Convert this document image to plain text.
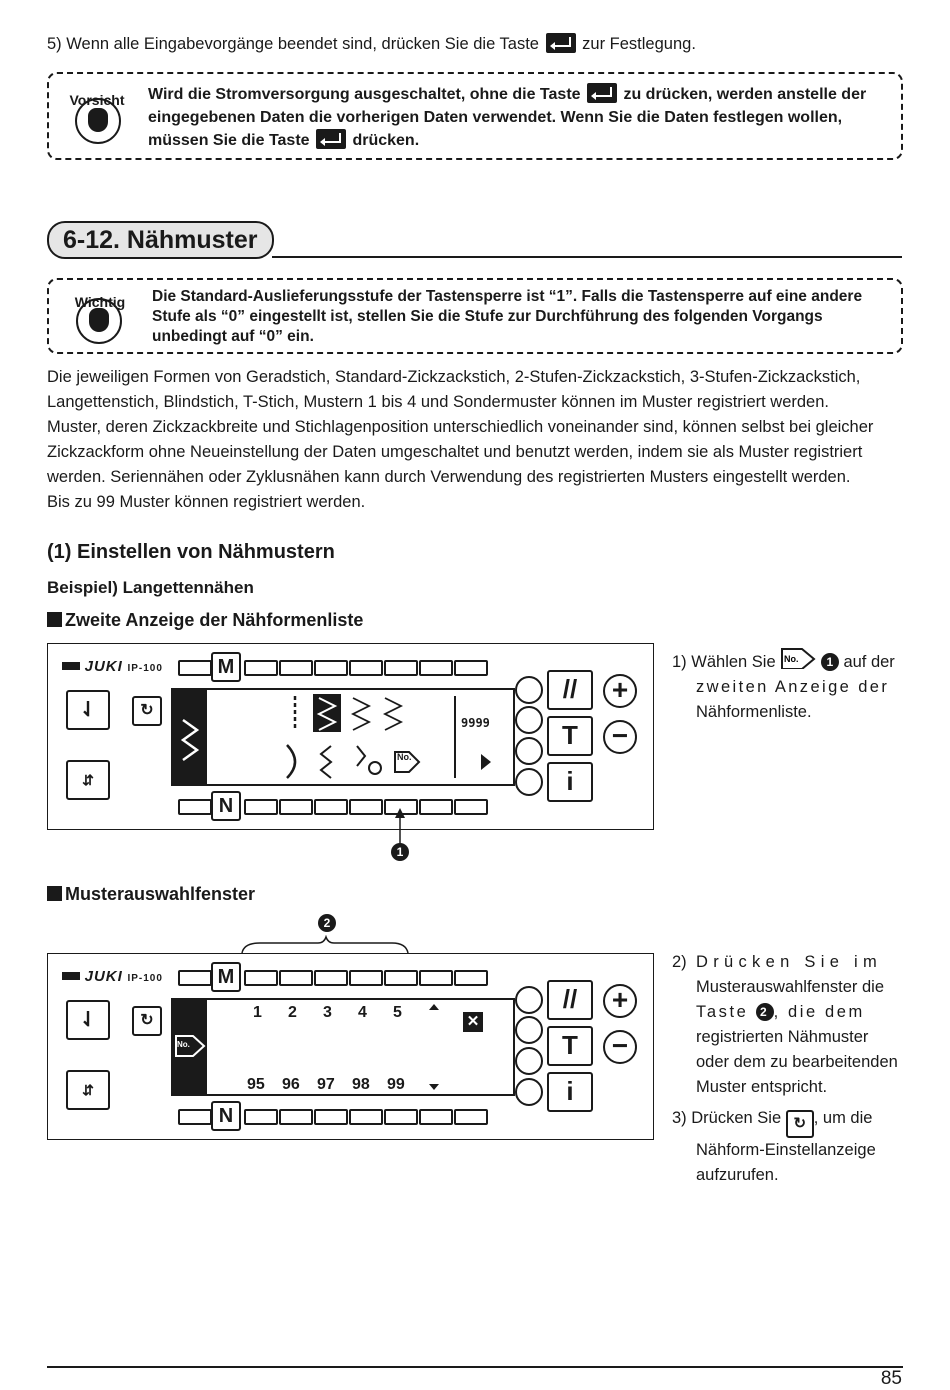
5) Wenn alle Eingabevorgänge beendet sind, drücken Sie die Taste	zur Festlegung.
Vorsicht	Wird die Stromversorgung ausgeschaltet, ohne die Taste	zu drücken, werden anstelle der
eingegebenen Daten die vorherigen Daten verwendet. Wenn Sie die Daten festlegen wollen,
müssen Sie die Taste	drücken.
6-12. Nähmuster
Wichtig	Die Standard-Auslieferungsstufe der Tastensperre ist “1”. Falls die Tastensperre auf eine andere
Stufe als “0” eingestellt ist, stellen Sie die Stufe zur Durchführung des folgenden Vorgangs
unbedingt auf “0” ein.
Die jeweiligen Formen von Geradstich, Standard-Zickzackstich, 2-Stufen-Zickzackstich, 3-Stufen-Zickzackstich,
Langettenstich, Blindstich, T-Stich, Mustern 1 bis 4 und Sondermuster können im Muster registriert werden.
Muster, deren Zickzackbreite und Stichlagenposition unterschiedlich voneinander sind, können selbst bei gleicher
Zickzackform ohne Neueinstellung der Daten umgeschaltet und benutzt werden, indem sie als Muster registriert
werden. Seriennähen oder Zyklusnähen kann durch Verwendung des registrierten Musters eingestellt werden.
Bis zu 99 Muster können registriert werden.
(1) Einstellen von Nähmustern
Beispiel) Langettennähen
Zweite Anzeige der Nähformenliste
JUKI IP-100	M
⇃	↻
⇵
No.
9999
//
T
i
+
−
N
1
1) Wählen Sie No. 1 auf der
zweiten Anzeige der
Nähformenliste.
Musterauswahlfenster
2
JUKI IP-100	M
⇃	↻
⇵
No.
1 2 3 4 5
✕
95 96 97 98 99
//
T
i
+
−
N
2) Drücken Sie im
Musterauswahlfenster die
Taste 2 , die dem
registrierten Nähmuster
oder dem zu bearbeitenden
Muster entspricht.
3) Drücken Sie ↻ , um die
Nähform-Einstellanzeige
aufzurufen.
85
